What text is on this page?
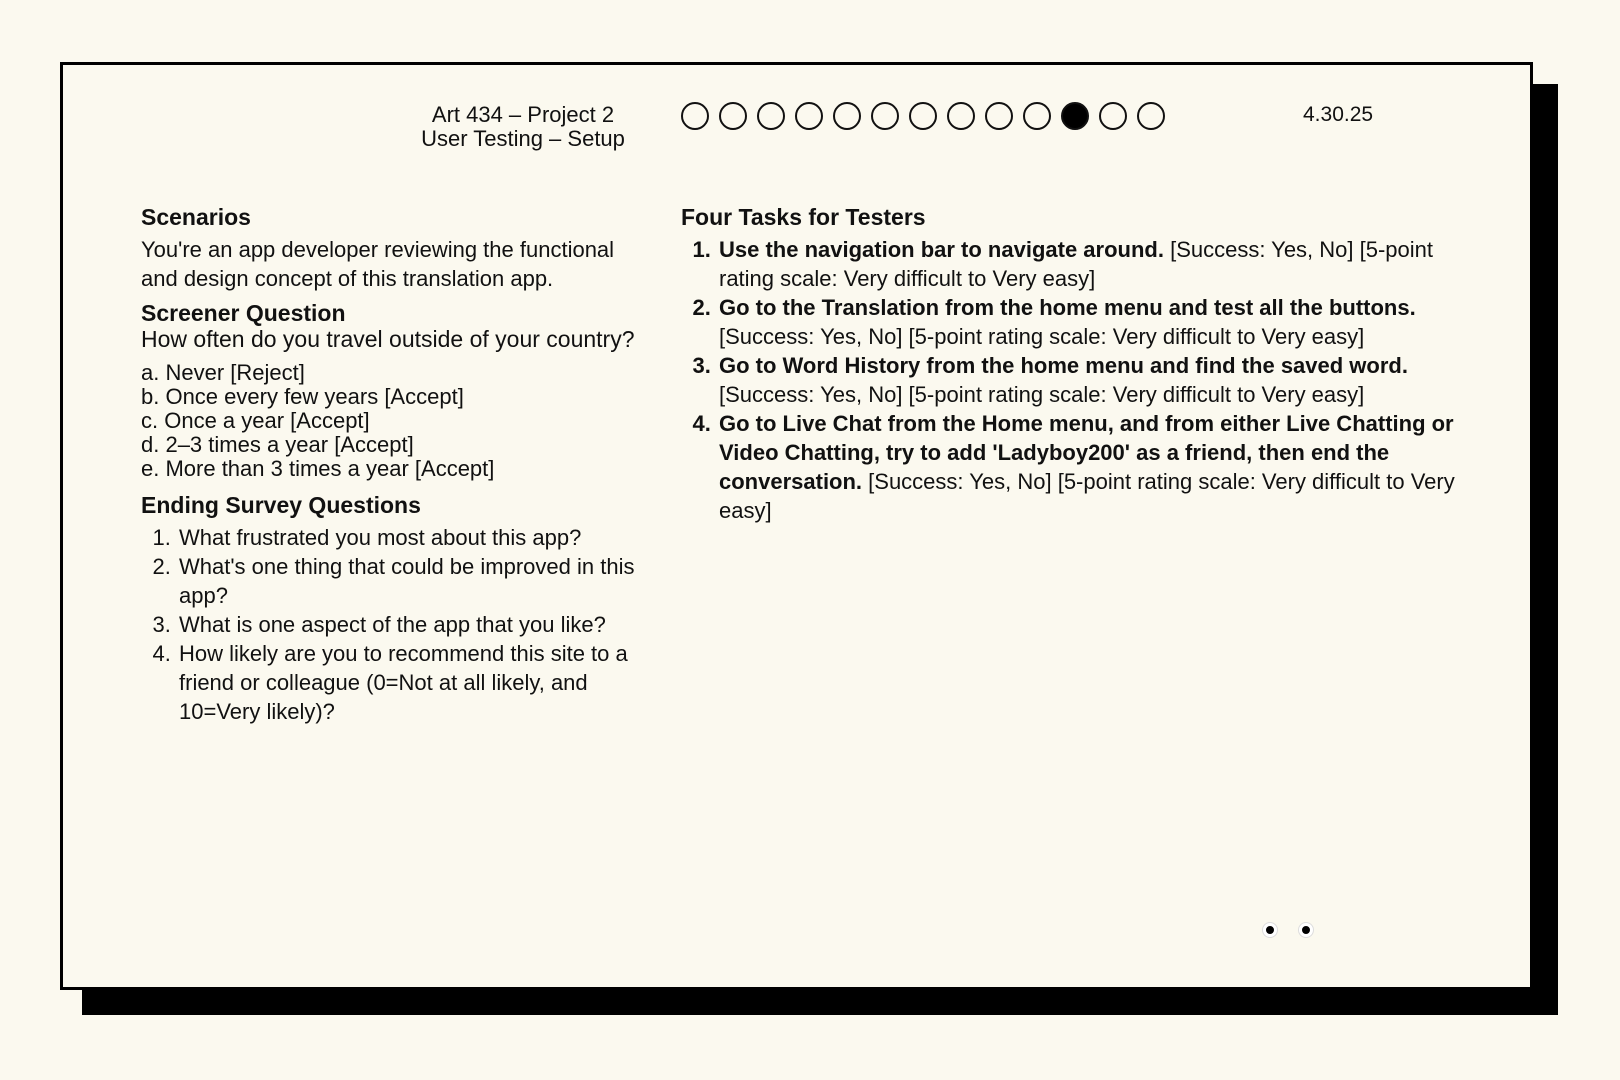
Art 434 – Project 2
User Testing – Setup
4.30.25
Scenarios
You're an app developer reviewing the functional and design concept of this translation app.
Screener Question
How often do you travel outside of your country?
a. Never [Reject]
b. Once every few years [Accept]
c. Once a year [Accept]
d. 2–3 times a year [Accept]
e. More than 3 times a year [Accept]
Ending Survey Questions
1. What frustrated you most about this app?
2. What's one thing that could be improved in this app?
3. What is one aspect of the app that you like?
4. How likely are you to recommend this site to a friend or colleague (0=Not at all likely, and 10=Very likely)?
Four Tasks for Testers
1. Use the navigation bar to navigate around. [Success: Yes, No] [5-point rating scale: Very difficult to Very easy]
2. Go to the Translation from the home menu and test all the buttons. [Success: Yes, No] [5-point rating scale: Very difficult to Very easy]
3. Go to Word History from the home menu and find the saved word. [Success: Yes, No] [5-point rating scale: Very difficult to Very easy]
4. Go to Live Chat from the Home menu, and from either Live Chatting or Video Chatting, try to add 'Ladyboy200' as a friend, then end the conversation. [Success: Yes, No] [5-point rating scale: Very difficult to Very easy]
